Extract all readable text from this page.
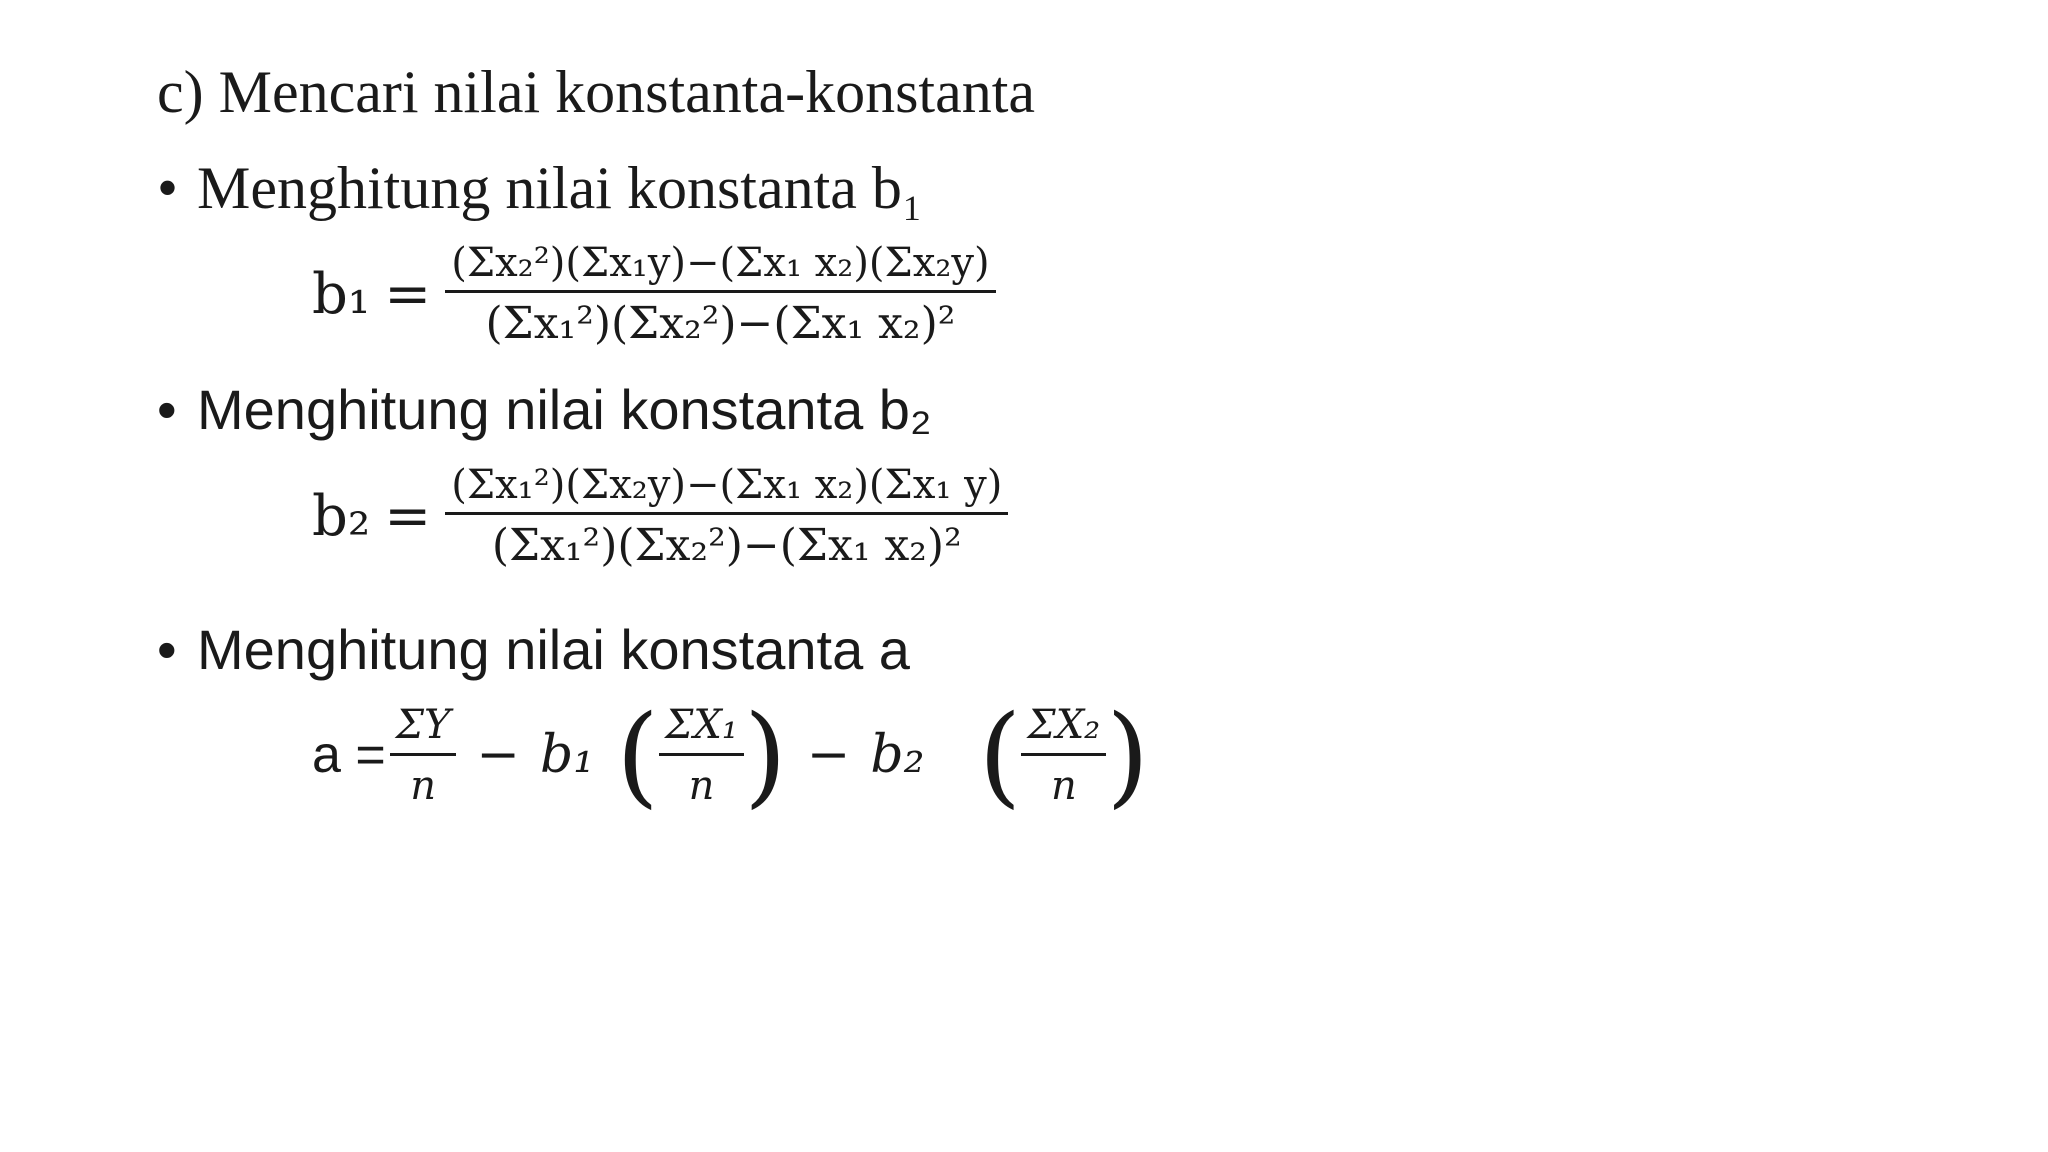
c) Mencari nilai konstanta-konstanta
• Menghitung nilai konstanta b₁
$b_1 = \frac{\text{(Σx₂²)(Σx₁y)−(Σx₁ x₂)(Σx₂y)}}{\text{(Σx₁²)(Σx₂²)−(Σx₁ x₂)²}}$
• Menghitung nilai konstanta b₂
$b_2 = \frac{\text{(Σx₁²)(Σx₂y)−(Σx₁ x₂)(Σx₁ y)}}{\text{(Σx₁²)(Σx₂²)−(Σx₁ x₂)²}}$
• Menghitung nilai konstanta a
$a = \frac{\Sigma Y}{n} - b_1$ ( $\frac{\text{ΣX₁}}{n}$ ) − b₂ ( $\frac{\text{ΣX₂}}{n}$ )
